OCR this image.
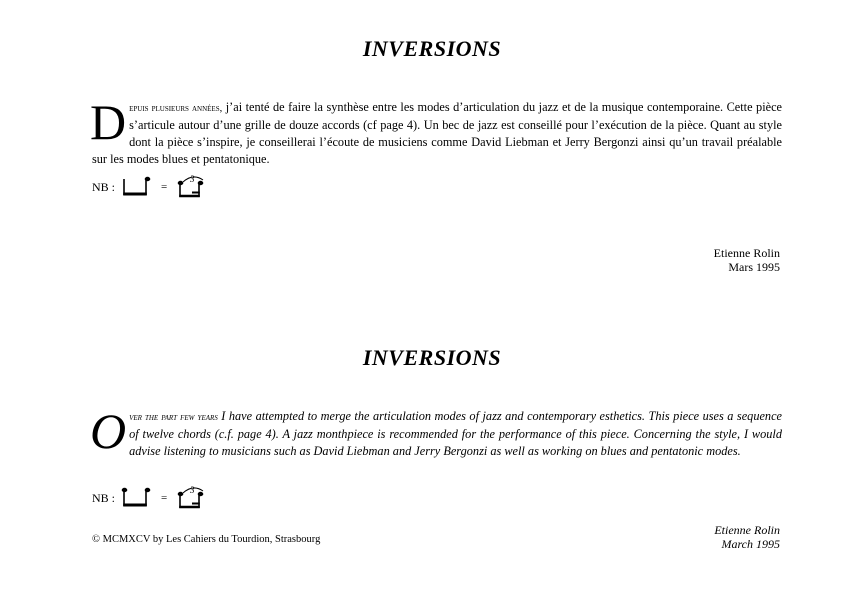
INVERSIONS
Depuis plusieurs années, j’ai tenté de faire la synthèse entre les modes d’articulation du jazz et de la musique contemporaine. Cette pièce s’articule autour d’une grille de douze accords (cf page 4). Un bec de jazz est conseillé pour l’exécution de la pièce. Quant au style dont la pièce s’inspire, je conseillerai l’écoute de musiciens comme David Liebman et Jerry Bergonzi ainsi qu’un travail préalable sur les modes blues et pentatonique.
NB :	=
3
Etienne Rolin
Mars 1995
INVERSIONS
Over the part few years I have attempted to merge the articulation modes of jazz and contemporary esthetics. This piece uses a sequence of twelve chords (c.f. page 4). A jazz monthpiece is recommended for the performance of this piece. Concerning the style, I would advise listening to musicians such as David Liebman and Jerry Bergonzi as well as working on blues and pentatonic modes.
NB :	=
3
Etienne Rolin
March 1995
© MCMXCV by Les Cahiers du Tourdion, Strasbourg
